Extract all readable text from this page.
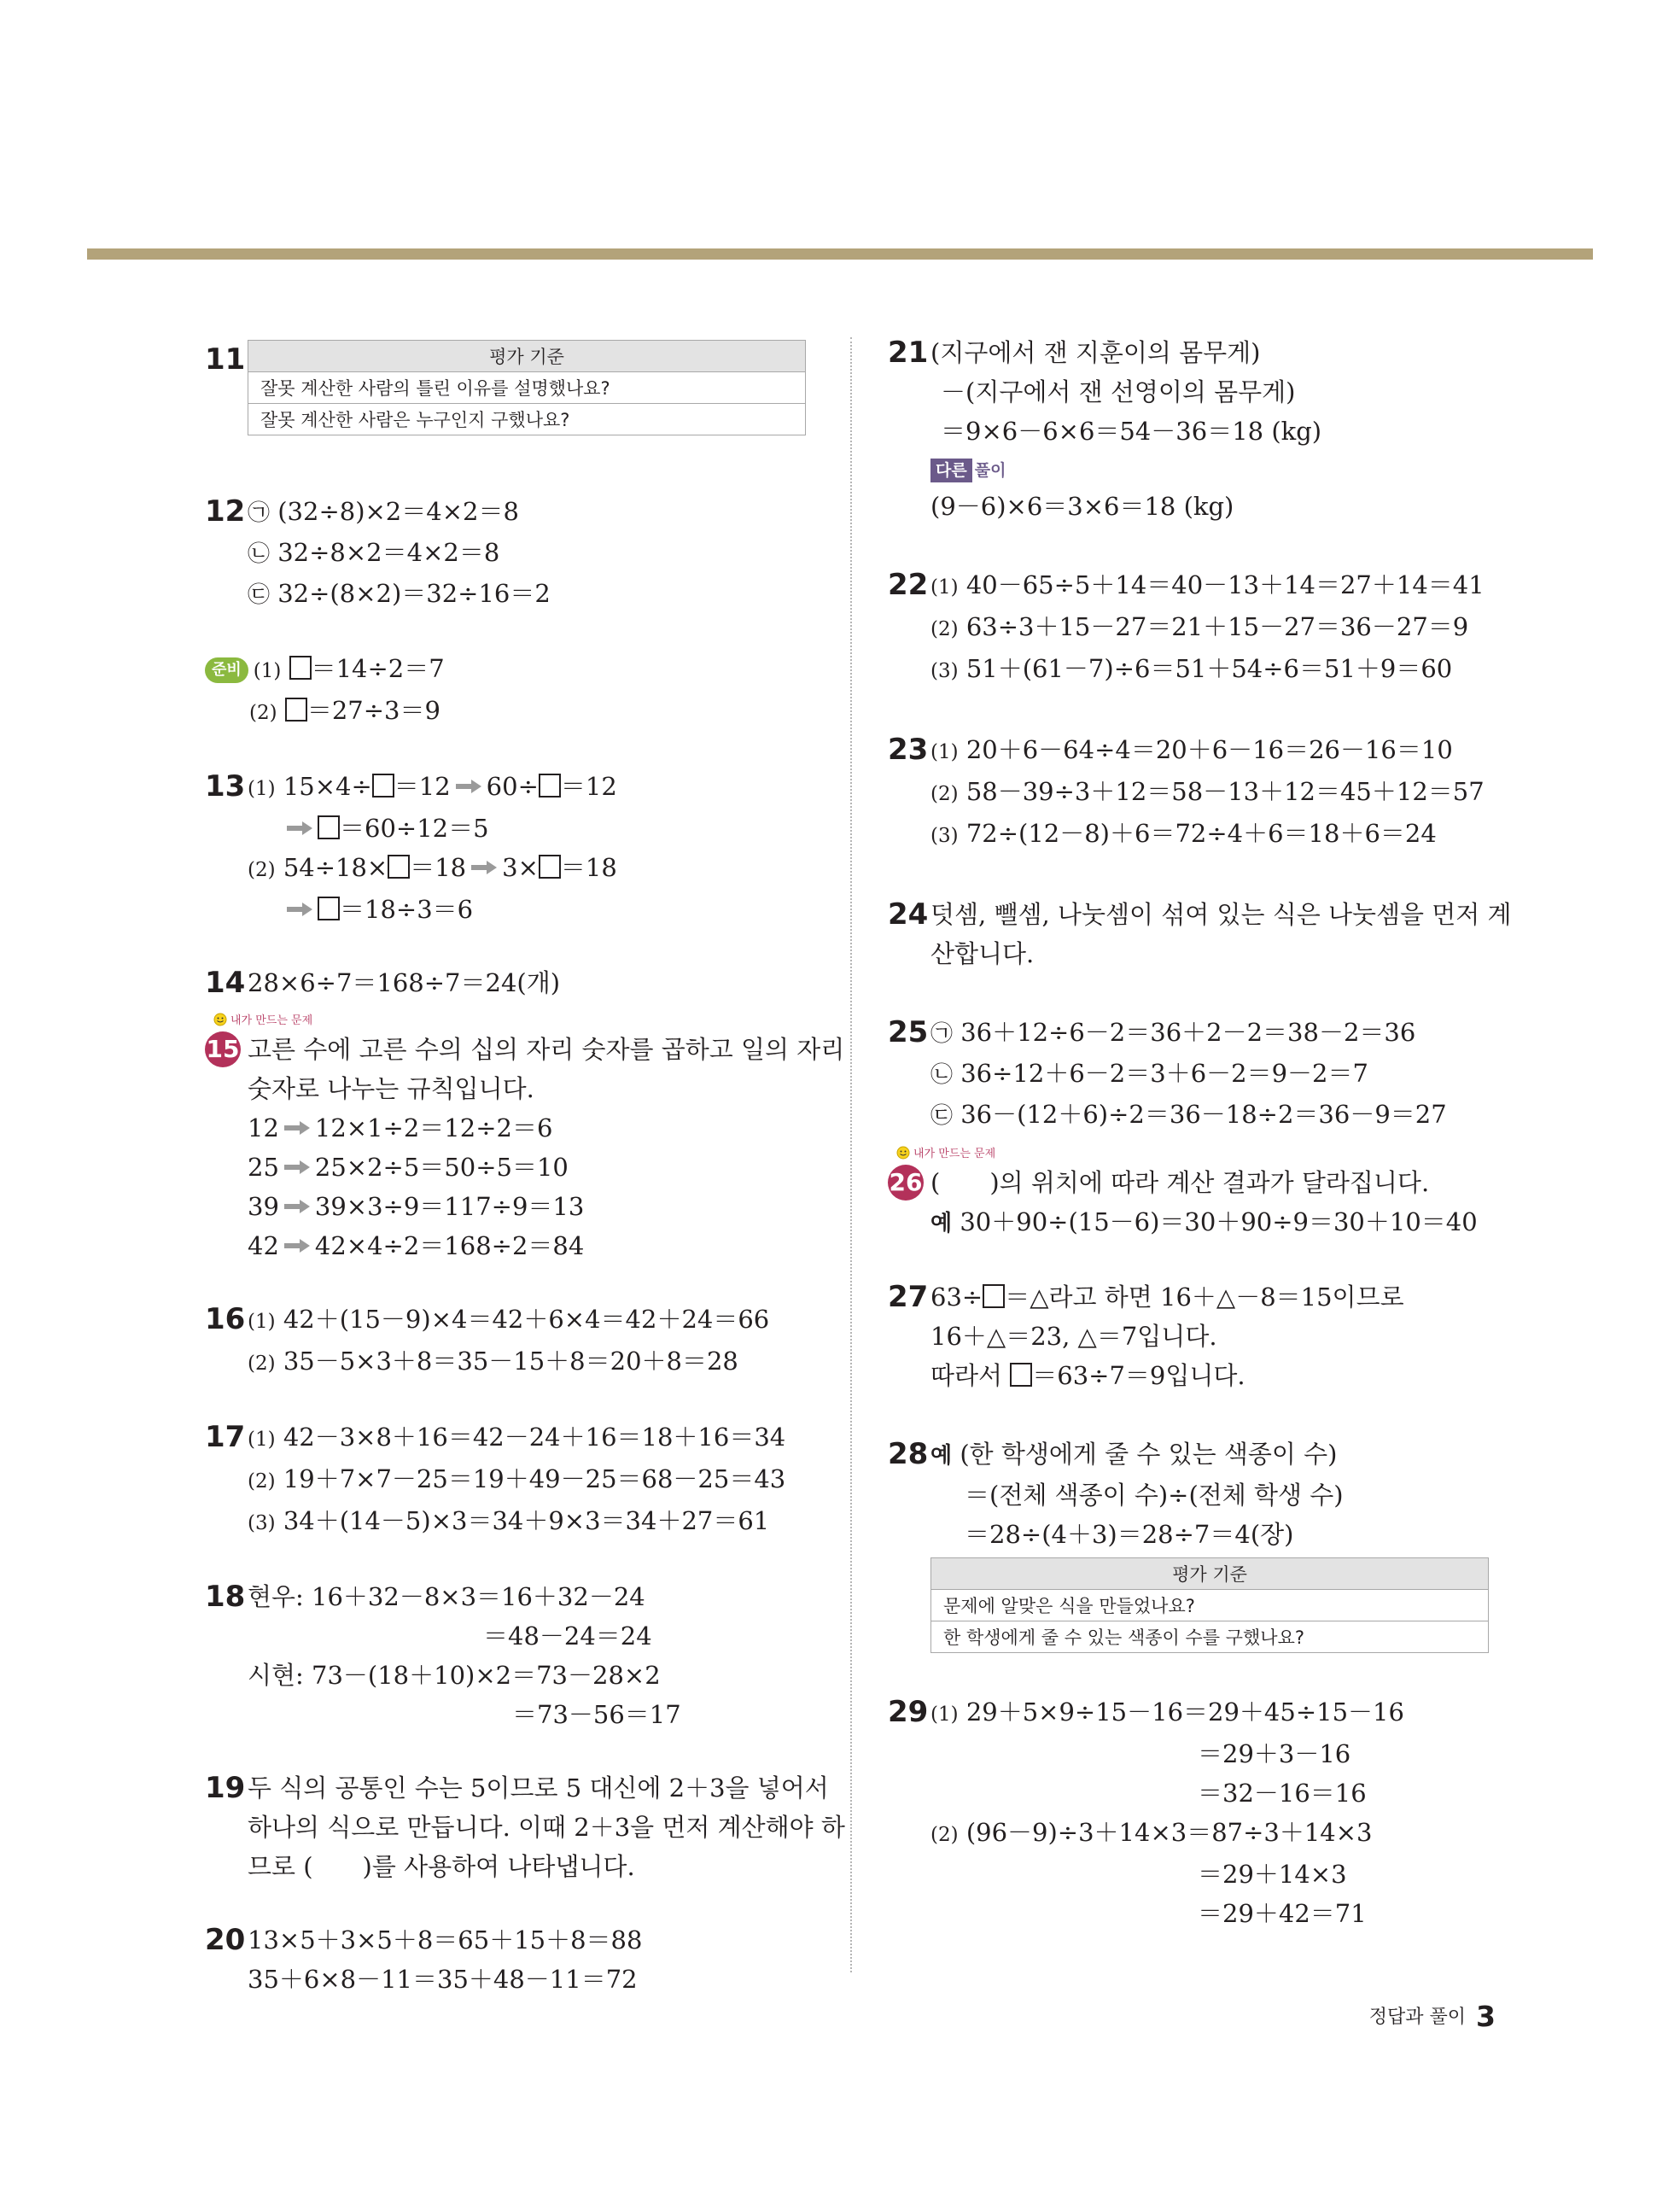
11	평가 기준
잘못 계산한 사람의 틀린 이유를 설명했나요?
잘못 계산한 사람은 누구인지 구했나요?
12 ㉠ (32÷8)×2＝4×2＝8
㉡ 32÷8×2＝4×2＝8
㉢ 32÷(8×2)＝32÷16＝2
준비 (1) ＝14÷2＝7
(2) ＝27÷3＝9
13 (1) 15×4÷ ＝12 60÷ ＝12
＝60÷12＝5
(2) 54÷18× ＝18 3× ＝18
＝18÷3＝6
14 28×6÷7＝168÷7＝24(개)
내가 만드는 문제
15 고른 수에 고른 수의 십의 자리 숫자를 곱하고 일의 자리
숫자로 나누는 규칙입니다.
12 12×1÷2＝12÷2＝6
25 25×2÷5＝50÷5＝10
39 39×3÷9＝117÷9＝13
42 42×4÷2＝168÷2＝84
16 (1) 42＋(15－9)×4＝42＋6×4＝42＋24＝66
(2) 35－5×3＋8＝35－15＋8＝20＋8＝28
17 (1) 42－3×8＋16＝42－24＋16＝18＋16＝34
(2) 19＋7×7－25＝19＋49－25＝68－25＝43
(3) 34＋(14－5)×3＝34＋9×3＝34＋27＝61
18 현우: 16＋32－8×3＝16＋32－24
＝48－24＝24
시현: 73－(18＋10)×2＝73－28×2
＝73－56＝17
19 두 식의 공통인 수는 5이므로 5 대신에 2＋3을 넣어서
하나의 식으로 만듭니다. 이때 2＋3을 먼저 계산해야 하
므로 (　　)를 사용하여 나타냅니다.
20 13×5＋3×5＋8＝65＋15＋8＝88
35＋6×8－11＝35＋48－11＝72
21 (지구에서 잰 지훈이의 몸무게)
－(지구에서 잰 선영이의 몸무게)
＝9×6－6×6＝54－36＝18 (kg)
다른 풀이
(9－6)×6＝3×6＝18 (kg)
22 (1) 40－65÷5＋14＝40－13＋14＝27＋14＝41
(2) 63÷3＋15－27＝21＋15－27＝36－27＝9
(3) 51＋(61－7)÷6＝51＋54÷6＝51＋9＝60
23 (1) 20＋6－64÷4＝20＋6－16＝26－16＝10
(2) 58－39÷3＋12＝58－13＋12＝45＋12＝57
(3) 72÷(12－8)＋6＝72÷4＋6＝18＋6＝24
24 덧셈, 뺄셈, 나눗셈이 섞여 있는 식은 나눗셈을 먼저 계
산합니다.
25 ㉠ 36＋12÷6－2＝36＋2－2＝38－2＝36
㉡ 36÷12＋6－2＝3＋6－2＝9－2＝7
㉢ 36－(12＋6)÷2＝36－18÷2＝36－9＝27
내가 만드는 문제
26 (　　)의 위치에 따라 계산 결과가 달라집니다.
예 30＋90÷(15－6)＝30＋90÷9＝30＋10＝40
27 63÷ ＝△라고 하면 16＋△－8＝15이므로
16＋△＝23, △＝7입니다.
따라서 ＝63÷7＝9입니다.
28 예 (한 학생에게 줄 수 있는 색종이 수)
＝(전체 색종이 수)÷(전체 학생 수)
＝28÷(4＋3)＝28÷7＝4(장)
평가 기준
문제에 알맞은 식을 만들었나요?
한 학생에게 줄 수 있는 색종이 수를 구했나요?
29 (1) 29＋5×9÷15－16＝29＋45÷15－16
＝29＋3－16
＝32－16＝16
(2) (96－9)÷3＋14×3＝87÷3＋14×3
＝29＋14×3
＝29＋42＝71
정답과 풀이 3
